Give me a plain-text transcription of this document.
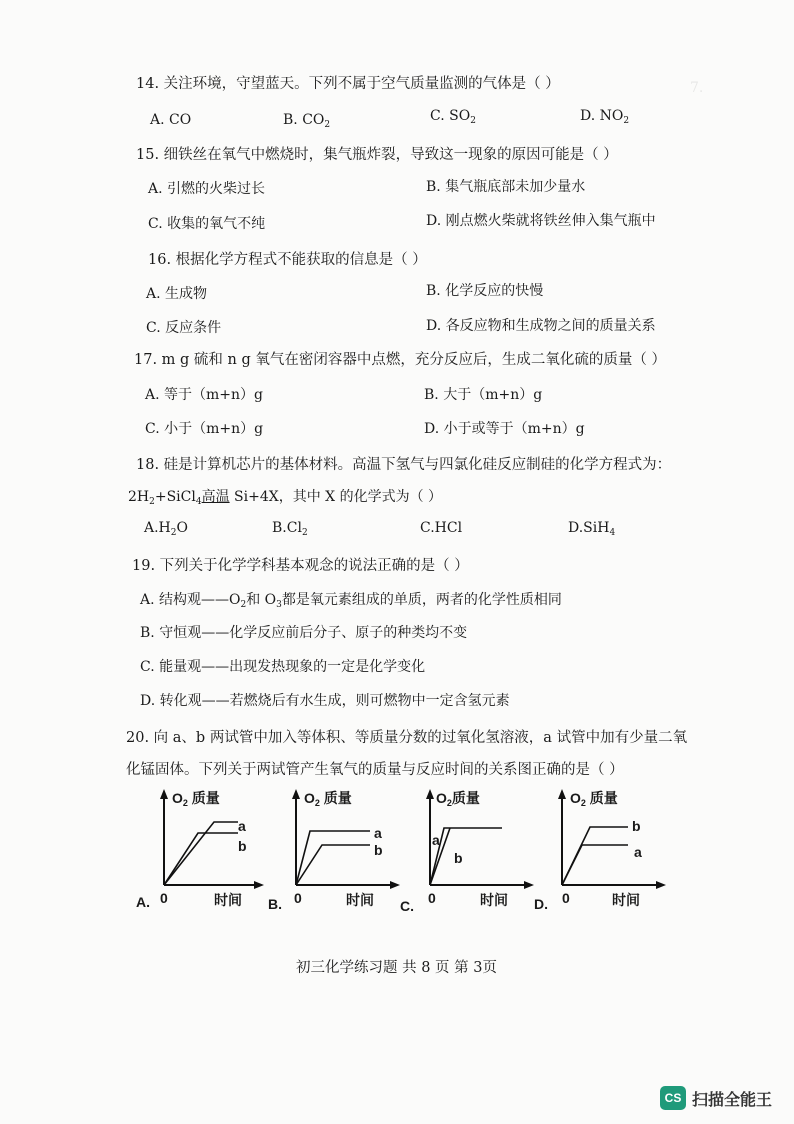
7.
14. 关注环境，守望蓝天。下列不属于空气质量监测的气体是（ ）
A. CO	B. $CO_2$
C. $SO_2$	D. $NO_2$
15. 细铁丝在氧气中燃烧时，集气瓶炸裂，导致这一现象的原因可能是（ ）
A. 引燃的火柴过长	B. 集气瓶底部未加少量水
C. 收集的氧气不纯	D. 刚点燃火柴就将铁丝伸入集气瓶中
16. 根据化学方程式不能获取的信息是（ ）
A. 生成物	B. 化学反应的快慢
C. 反应条件	D. 各反应物和生成物之间的质量关系
17. m g 硫和 n g 氧气在密闭容器中点燃，充分反应后，生成二氧化硫的质量（ ）
A. 等于（m+n）g	B. 大于（m+n）g
C. 小于（m+n）g	D. 小于或等于（m+n）g
18. 硅是计算机芯片的基体材料。高温下氢气与四氯化硅反应制硅的化学方程式为：
$2H_2+SiCl_4$高温 Si+4X，其中 X 的化学式为（ ）
$A.H_2O$	$B.Cl_2$	C.HCl	D.SiH$_4$
19. 下列关于化学学科基本观念的说法正确的是（ ）
A. 结构观$——O_2$和 $O_3$都是氧元素组成的单质，两者的化学性质相同
B. 守恒观——化学反应前后分子、原子的种类均不变
C. 能量观——出现发热现象的一定是化学变化
D. 转化观——若燃烧后有水生成，则可燃物中一定含氢元素
20. 向 a、b 两试管中加入等体积、等质量分数的过氧化氢溶液，a 试管中加有少量二氧
化锰固体。下列关于两试管产生氧气的质量与反应时间的关系图正确的是（ ）
$O_2$ 质量
a
b
0	时间
A.
$O_2$ 质量
a
b
0	时间
B.
$O_2$质量
a
b
0	时间
C.
$O_2$ 质量
b
a
0	时间
D.
初三化学练习题 共 8 页 第 3页
CS 扫描全能王
